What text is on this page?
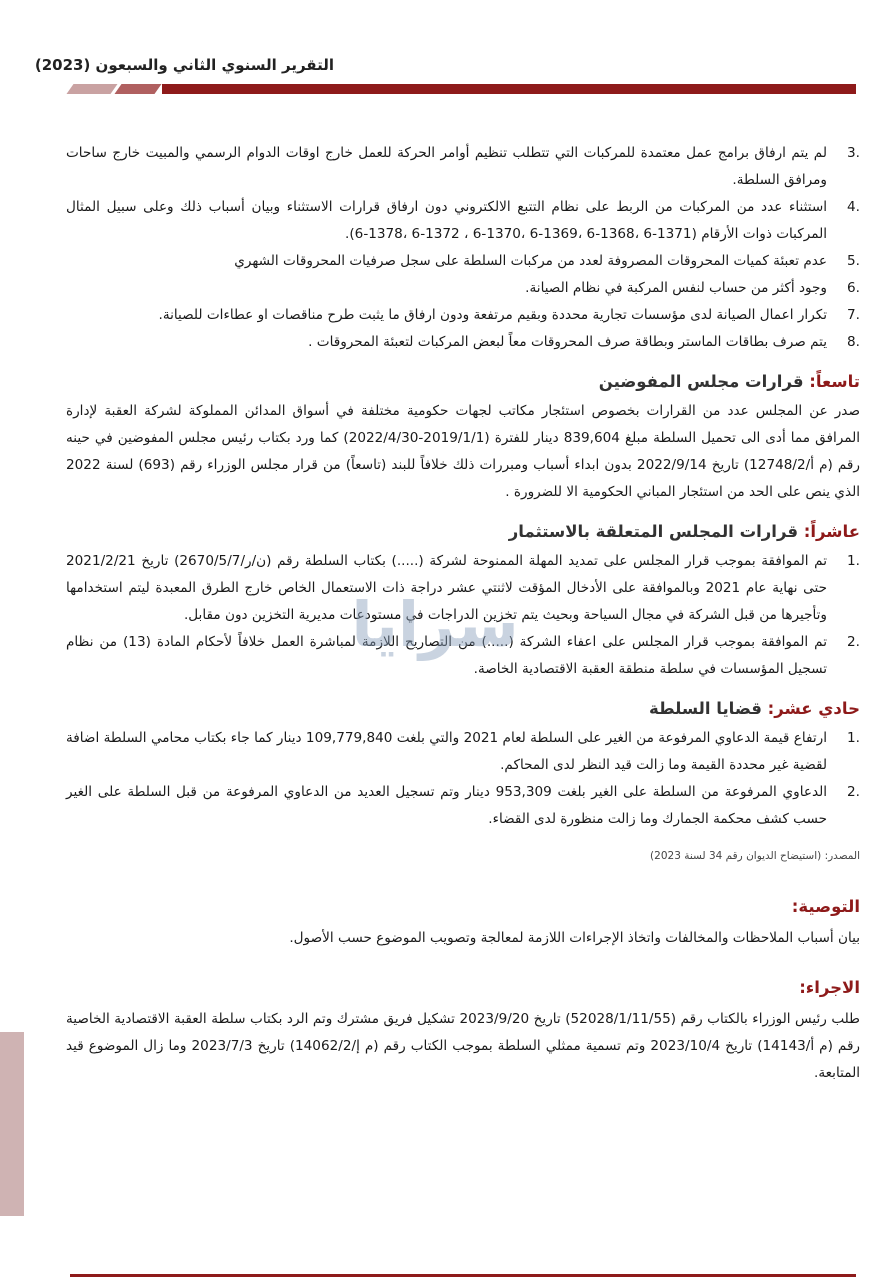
التقرير السنوي الثاني والسبعون (2023)
3.
لم يتم ارفاق برامج عمل معتمدة للمركبات التي تتطلب تنظيم أوامر الحركة للعمل خارج اوقات الدوام الرسمي والمبيت خارج ساحات ومرافق السلطة.
4.
استثناء عدد من المركبات من الربط على نظام التتبع الالكتروني دون ارفاق قرارات الاستثناء وبيان أسباب ذلك وعلى سبيل المثال المركبات ذوات الأرقام (1371-6 ،1368-6 ،1369-6 ،1370-6 ، 1372-6 ،1378-6).
5.
عدم تعبئة كميات المحروقات المصروفة لعدد من مركبات السلطة على سجل صرفيات المحروقات الشهري
6.
وجود أكثر من حساب لنفس المركبة في نظام الصيانة.
7.
تكرار اعمال الصيانة لدى مؤسسات تجارية محددة وبقيم مرتفعة ودون ارفاق ما يثبت طرح مناقصات او عطاءات للصيانة.
8.
يتم صرف بطاقات الماستر وبطاقة صرف المحروقات معاً لبعض المركبات لتعبئة المحروقات .
تاسعاً: قرارات مجلس المفوضين

صدر عن المجلس عدد من القرارات بخصوص استئجار مكاتب لجهات حكومية مختلفة في أسواق المدائن المملوكة لشركة العقبة لإدارة المرافق مما أدى الى تحميل السلطة مبلغ 839,604 دينار للفترة (2019/1/1-2022/4/30) كما ورد بكتاب رئيس مجلس المفوضين في حينه رقم (م أ/12748/2) تاريخ 2022/9/14 بدون ابداء أسباب ومبررات ذلك خلافاً للبند (تاسعاً) من قرار مجلس الوزراء رقم (693) لسنة 2022 الذي ينص على الحد من استئجار المباني الحكومية الا للضرورة .

عاشراً: قرارات المجلس المتعلقة بالاستثمار
1.
تم الموافقة بموجب قرار المجلس على تمديد المهلة الممنوحة لشركة (.....) بكتاب السلطة رقم (ن/ر/2670/5/7) تاريخ 2021/2/21 حتى نهاية عام 2021 وبالموافقة على الأدخال المؤقت لاثنتي عشر دراجة ذات الاستعمال الخاص خارج الطرق المعبدة ليتم استخدامها وتأجيرها من قبل الشركة في مجال السياحة وبحيث يتم تخزين الدراجات في مستودعات مديرية التخزين دون مقابل.
2.
تم الموافقة بموجب قرار المجلس على اعفاء الشركة (.....) من التصاريح اللازمة لمباشرة العمل خلافاً لأحكام المادة (13) من نظام تسجيل المؤسسات في سلطة منطقة العقبة الاقتصادية الخاصة.
حادي عشر: قضايا السلطة
1.
ارتفاع قيمة الدعاوي المرفوعة من الغير على السلطة لعام 2021 والتي بلغت 109,779,840 دينار كما جاء بكتاب محامي السلطة اضافة لقضية غير محددة القيمة وما زالت قيد النظر لدى المحاكم.
2.
الدعاوي المرفوعة من السلطة على الغير بلغت 953,309 دينار وتم تسجيل العديد من الدعاوي المرفوعة من قبل السلطة على الغير حسب كشف محكمة الجمارك وما زالت منظورة لدى القضاء.
المصدر: (استيضاح الديوان رقم 34 لسنة 2023)
التوصية:

بيان أسباب الملاحظات والمخالفات واتخاذ الإجراءات اللازمة لمعالجة وتصويب الموضوع حسب الأصول.

الاجراء:

طلب رئيس الوزراء بالكتاب رقم (52028/1/11/55) تاريخ 2023/9/20 تشكيل فريق مشترك وتم الرد بكتاب سلطة العقبة الاقتصادية الخاصية رقم (م أ/14143) تاريخ 2023/10/4 وتم تسمية ممثلي السلطة بموجب الكتاب رقم (م إ/14062/2) تاريخ 2023/7/3 وما زال الموضوع قيد المتابعة.

سرايا
